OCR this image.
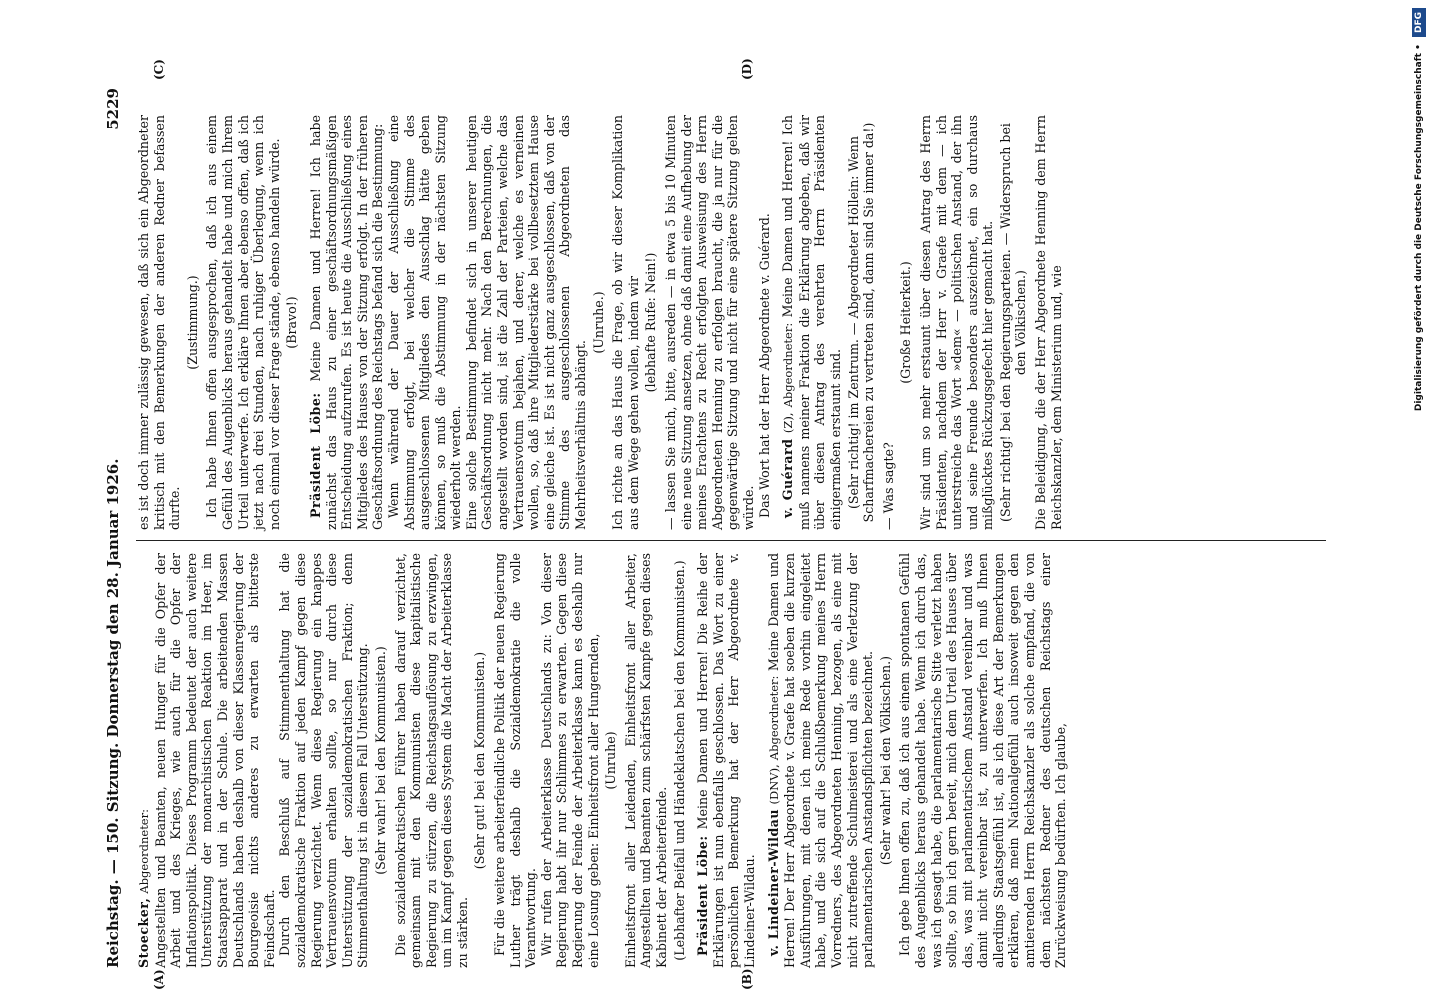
Reichstag. — 150. Sitzung. Donnerstag den 28. Januar 1926.
5229
(A)	(B)
(C)	(D)

Stoecker, Abgeordneter: Angestellten und Beamten, neuen Hunger für die Opfer der Arbeit und des Krieges, wie auch für die Opfer der Inflationspolitik. Dieses Programm bedeutet der auch weitere Unterstützung der monarchistischen Reaktion im Heer, im Staatsapparat und in der Schule. Die arbeitenden Massen Deutschlands haben deshalb von dieser Klassenregierung der Bourgeoisie nichts anderes zu erwarten als bitterste Feindschaft. Durch den Beschluß auf Stimmenthaltung hat die sozialdemokratische Fraktion auf jeden Kampf gegen diese Regierung verzichtet. Wenn diese Regierung ein knappes Vertrauensvotum erhalten sollte, so nur durch diese Unterstützung der sozialdemokratischen Fraktion; denn Stimmenthaltung ist in diesem Fall Unterstützung. (Sehr wahr! bei den Kommunisten.) Die sozialdemokratischen Führer haben darauf verzichtet, gemeinsam mit den Kommunisten diese kapitalistische Regierung zu stürzen, die Reichstagsauflösung zu erzwingen, um im Kampf gegen dieses System die Macht der Arbeiterklasse zu stärken.

(Sehr gut! bei den Kommunisten.) Für die weitere arbeiterfeindliche Politik der neuen Regierung Luther trägt deshalb die Sozialdemokratie die volle Verantwortung. Wir rufen der Arbeiterklasse Deutschlands zu: Von dieser Regierung habt ihr nur Schlimmes zu erwarten. Gegen diese Regierung der Feinde der Arbeiterklasse kann es deshalb nur eine Losung geben: Einheitsfront aller Hungernden, (Unruhe) Einheitsfront aller Leidenden, Einheitsfront aller Arbeiter, Angestellten und Beamten zum schärfsten Kampfe gegen dieses Kabinett der Arbeiterfeinde. (Lebhafter Beifall und Händeklatschen bei den Kommunisten.) Präsident Löbe: Meine Damen und Herren! Die Reihe der Erklärungen ist nun ebenfalls geschlossen. Das Wort zu einer persönlichen Bemerkung hat der Herr Abgeordnete v. Lindeiner-Wildau. v. Lindeiner-Wildau (DNV), Abgeordneter: Meine Damen und Herren! Der Herr Abgeordnete v. Graefe hat soeben die kurzen Ausführungen, mit denen ich meine Rede vorhin eingeleitet habe, und die sich auf die Schlußbemerkung meines Herrn Vorredners, des Abgeordneten Henning, bezogen, als eine mit nicht zutreffende Schulmeisterei und als eine Verletzung der parlamentarischen Anstandspflichten bezeichnet. (Sehr wahr! bei den Völkischen.) Ich gebe Ihnen offen zu, daß ich aus einem spontanen Gefühl des Augenblicks heraus gehandelt habe. Wenn ich durch das, was ich gesagt habe, die parlamentarische Sitte verletzt haben sollte, so bin ich gern bereit, mich dem Urteil des Hauses über das, was mit parlamentarischem Anstand vereinbar und was damit nicht vereinbar ist, zu unterwerfen. Ich muß Ihnen allerdings Staatsgefühl ist, als ich diese Art der Bemerkungen erklären, daß mein Nationalgefühl auch insoweit gegen den amtierenden Herrn Reichskanzler als solche empfand, die von dem nächsten Redner des deutschen Reichstags einer Zurückweisung bedürften. Ich glaube,

es ist doch immer zulässig gewesen, daß sich ein Abgeordneter kritisch mit den Bemerkungen der anderen Redner befassen durfte.

(Zustimmung.) Ich habe Ihnen offen ausgesprochen, daß ich aus einem Gefühl des Augenblicks heraus gehandelt habe und mich Ihrem Urteil unterwerfe. Ich erkläre Ihnen aber ebenso offen, daß ich jetzt nach drei Stunden, nach ruhiger Überlegung, wenn ich noch einmal vor dieser Frage stände, ebenso handeln würde. (Bravo!)

Präsident Löbe: Meine Damen und Herren! Ich habe zunächst das Haus zu einer geschäftsordnungsmäßigen Entscheidung aufzurufen. Es ist heute die Ausschließung eines Mitgliedes des Hauses von der Sitzung erfolgt. In der früheren Geschäftsordnung des Reichstags befand sich die Bestimmung: Wenn während der Dauer der Ausschließung eine Abstimmung erfolgt, bei welcher die Stimme des ausgeschlossenen Mitgliedes den Ausschlag hätte geben können, so muß die Abstimmung in der nächsten Sitzung wiederholt werden. Eine solche Bestimmung befindet sich in unserer heutigen Geschäftsordnung nicht mehr. Nach den Berechnungen, die angestellt worden sind, ist die Zahl der Parteien, welche das Vertrauensvotum bejahen, und derer, welche es verneinen wollen, so, daß ihre Mitgliederstärke bei vollbesetztem Hause eine gleiche ist. Es ist nicht ganz ausgeschlossen, daß von der Stimme des ausgeschlossenen Abgeordneten das Mehrheitsverhältnis abhängt.

(Unruhe.) Ich richte an das Haus die Frage, ob wir dieser Komplikation aus dem Wege gehen wollen, indem wir (lebhafte Rufe: Nein!) — lassen Sie mich, bitte, ausreden — in etwa 5 bis 10 Minuten eine neue Sitzung ansetzen, ohne daß damit eine Aufhebung der meines Erachtens zu Recht erfolgten Ausweisung des Herrn Abgeordneten Henning zu erfolgen braucht, die ja nur für die gegenwärtige Sitzung und nicht für eine spätere Sitzung gelten würde. Das Wort hat der Herr Abgeordnete v. Guérard. v. Guérard (Z), Abgeordneter: Meine Damen und Herren! Ich muß namens meiner Fraktion die Erklärung abgeben, daß wir über diesen Antrag des verehrten Herrn Präsidenten einigermaßen erstaunt sind. (Sehr richtig! im Zentrum. — Abgeordneter Höllein: Wenn Scharfmachereien zu vertreten sind, dann sind Sie immer da!) — Was sagte?

(Große Heiterkeit.) Wir sind um so mehr erstaunt über diesen Antrag des Herrn Präsidenten, nachdem der Herr v. Graefe mit dem — ich unterstreiche das Wort »dem« — politischen Anstand, der ihn und seine Freunde besonders auszeichnet, ein so durchaus mißglücktes Rückzugsgefecht hier gemacht hat. (Sehr richtig! bei den Regierungsparteien. — Widerspruch bei den Völkischen.) Die Beleidigung, die der Herr Abgeordnete Henning dem Herrn Reichskanzler, dem Ministerium und, wie	Digitalisierung gefördert durch die Deutsche Forschungsgemeinschaft • DFG
